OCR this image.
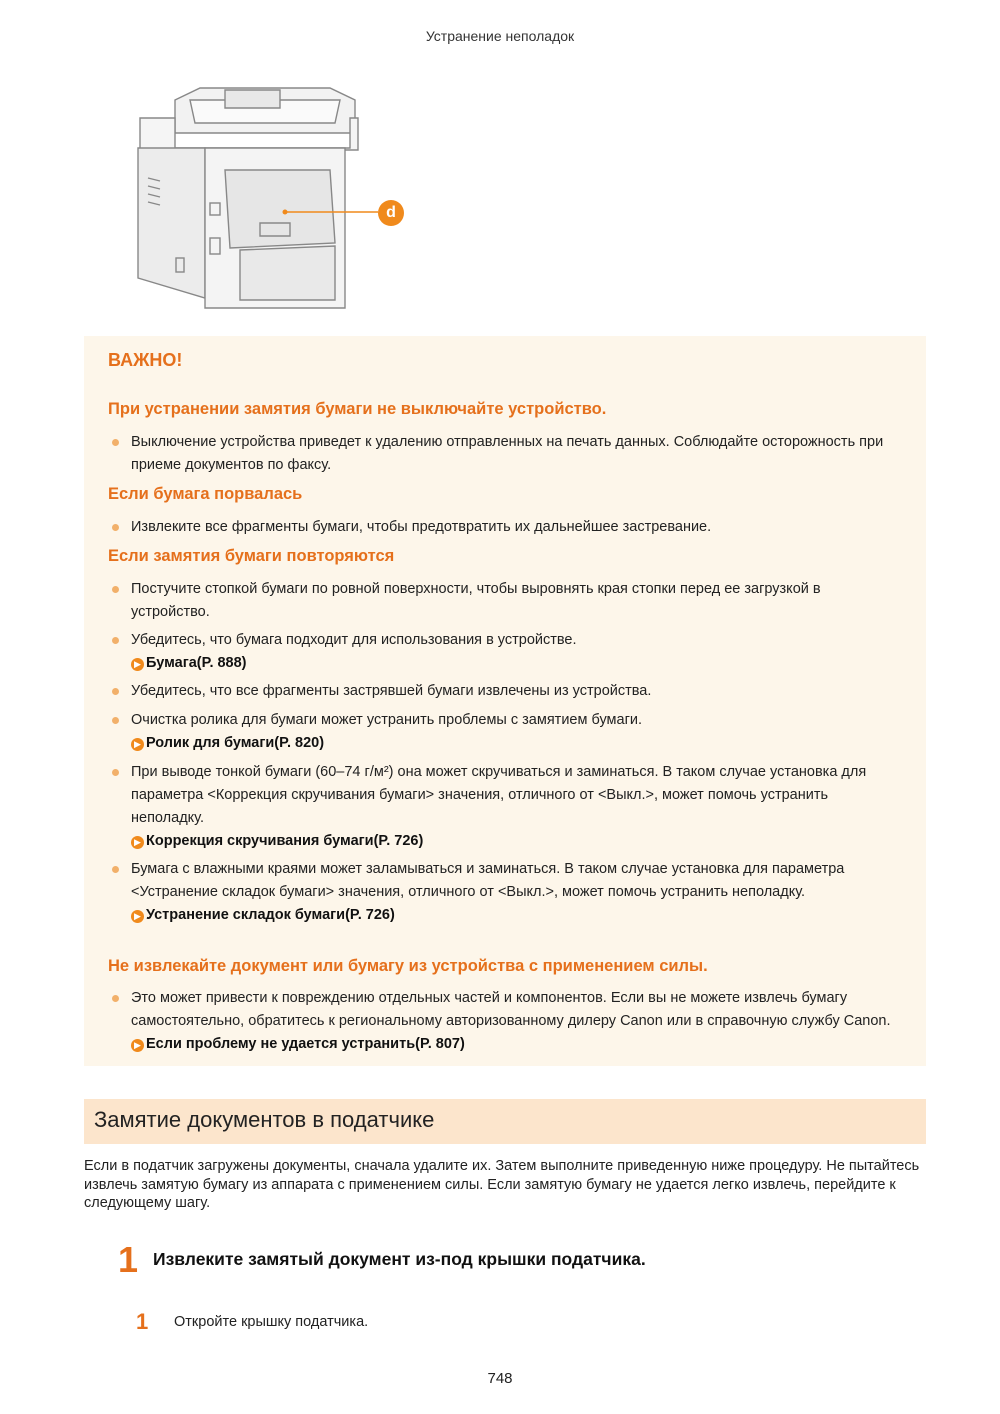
Устранение неполадок
d
ВАЖНО!
При устранении замятия бумаги не выключайте устройство.
Выключение устройства приведет к удалению отправленных на печать данных. Соблюдайте осторожность при приеме документов по факсу.
Если бумага порвалась
Извлеките все фрагменты бумаги, чтобы предотвратить их дальнейшее застревание.
Если замятия бумаги повторяются
Постучите стопкой бумаги по ровной поверхности, чтобы выровнять края стопки перед ее загрузкой в устройство.
Убедитесь, что бумага подходит для использования в устройстве.
▶ Бумага(P. 888)
Убедитесь, что все фрагменты застрявшей бумаги извлечены из устройства.
Очистка ролика для бумаги может устранить проблемы с замятием бумаги.
▶ Ролик для бумаги(P. 820)
При выводе тонкой бумаги (60–74 г/м²) она может скручиваться и заминаться. В таком случае установка для параметра <Коррекция скручивания бумаги> значения, отличного от <Выкл.>, может помочь устранить неполадку.
▶ Коррекция скручивания бумаги(P. 726)
Бумага с влажными краями может заламываться и заминаться. В таком случае установка для параметра <Устранение складок бумаги> значения, отличного от <Выкл.>, может помочь устранить неполадку.
▶ Устранение складок бумаги(P. 726)
Не извлекайте документ или бумагу из устройства с применением силы.
Это может привести к повреждению отдельных частей и компонентов. Если вы не можете извлечь бумагу самостоятельно, обратитесь к региональному авторизованному дилеру Canon или в справочную службу Canon. ▶ Если проблему не удается устранить(P. 807)
Замятие документов в податчике
Если в податчик загружены документы, сначала удалите их. Затем выполните приведенную ниже процедуру. Не пытайтесь извлечь замятую бумагу из аппарата с применением силы. Если замятую бумагу не удается легко извлечь, перейдите к следующему шагу.
1 Извлеките замятый документ из-под крышки податчика.
1 Откройте крышку податчика.
748
